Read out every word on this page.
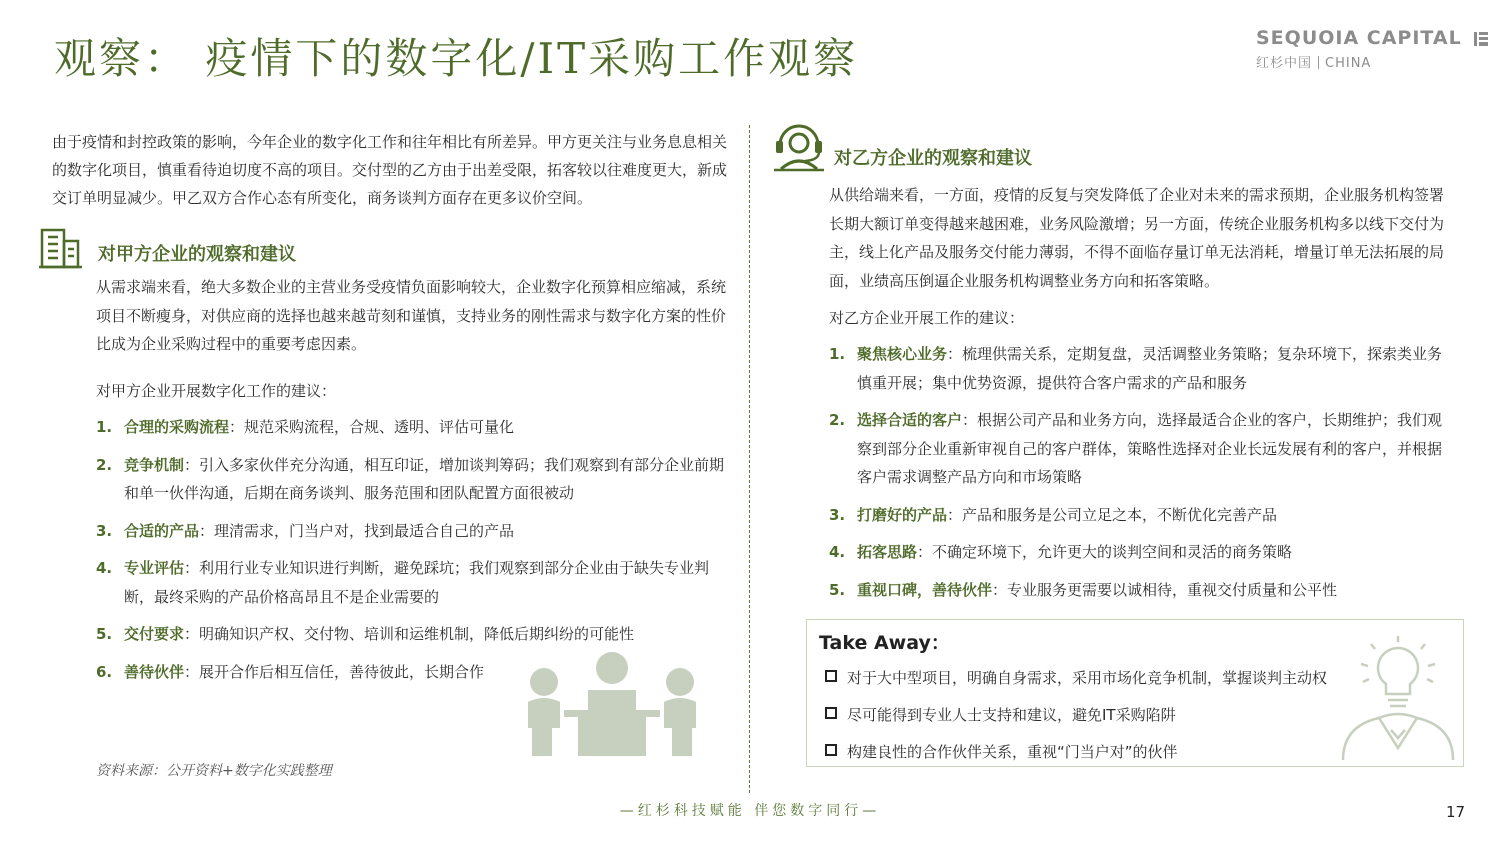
观察： 疫情下的数字化/IT采购工作观察	SEQUOIA CAPITAL
红杉中国 CHINA
由于疫情和封控政策的影响，今年企业的数字化工作和往年相比有所差异。甲方更关注与业务息息相关的数字化项目，慎重看待迫切度不高的项目。交付型的乙方由于出差受限，拓客较以往难度更大，新成交订单明显减少。甲乙双方合作心态有所变化，商务谈判方面存在更多议价空间。
对甲方企业的观察和建议
从需求端来看，绝大多数企业的主营业务受疫情负面影响较大，企业数字化预算相应缩减，系统项目不断瘦身，对供应商的选择也越来越苛刻和谨慎，支持业务的刚性需求与数字化方案的性价比成为企业采购过程中的重要考虑因素。
对甲方企业开展数字化工作的建议：
1. 合理的采购流程：规范采购流程，合规、透明、评估可量化
2. 竞争机制：引入多家伙伴充分沟通，相互印证，增加谈判筹码；我们观察到有部分企业前期和单一伙伴沟通，后期在商务谈判、服务范围和团队配置方面很被动
3. 合适的产品：理清需求，门当户对，找到最适合自己的产品
4. 专业评估：利用行业专业知识进行判断，避免踩坑；我们观察到部分企业由于缺失专业判断，最终采购的产品价格高昂且不是企业需要的
5. 交付要求：明确知识产权、交付物、培训和运维机制，降低后期纠纷的可能性
6. 善待伙伴：展开合作后相互信任，善待彼此，长期合作
资料来源：公开资料+数字化实践整理
对乙方企业的观察和建议
从供给端来看，一方面，疫情的反复与突发降低了企业对未来的需求预期，企业服务机构签署长期大额订单变得越来越困难，业务风险激增；另一方面，传统企业服务机构多以线下交付为主，线上化产品及服务交付能力薄弱，不得不面临存量订单无法消耗，增量订单无法拓展的局面，业绩高压倒逼企业服务机构调整业务方向和拓客策略。
对乙方企业开展工作的建议：
1. 聚焦核心业务：梳理供需关系，定期复盘，灵活调整业务策略；复杂环境下，探索类业务慎重开展；集中优势资源，提供符合客户需求的产品和服务
2. 选择合适的客户：根据公司产品和业务方向，选择最适合企业的客户，长期维护；我们观察到部分企业重新审视自己的客户群体，策略性选择对企业长远发展有利的客户，并根据客户需求调整产品方向和市场策略
3. 打磨好的产品：产品和服务是公司立足之本，不断优化完善产品
4. 拓客思路：不确定环境下，允许更大的谈判空间和灵活的商务策略
5. 重视口碑，善待伙伴：专业服务更需要以诚相待，重视交付质量和公平性
Take Away：
对于大中型项目，明确自身需求，采用市场化竞争机制，掌握谈判主动权
尽可能得到专业人士支持和建议，避免IT采购陷阱
构建良性的合作伙伴关系，重视“门当户对”的伙伴
—红杉科技赋能 伴您数字同行—	17
